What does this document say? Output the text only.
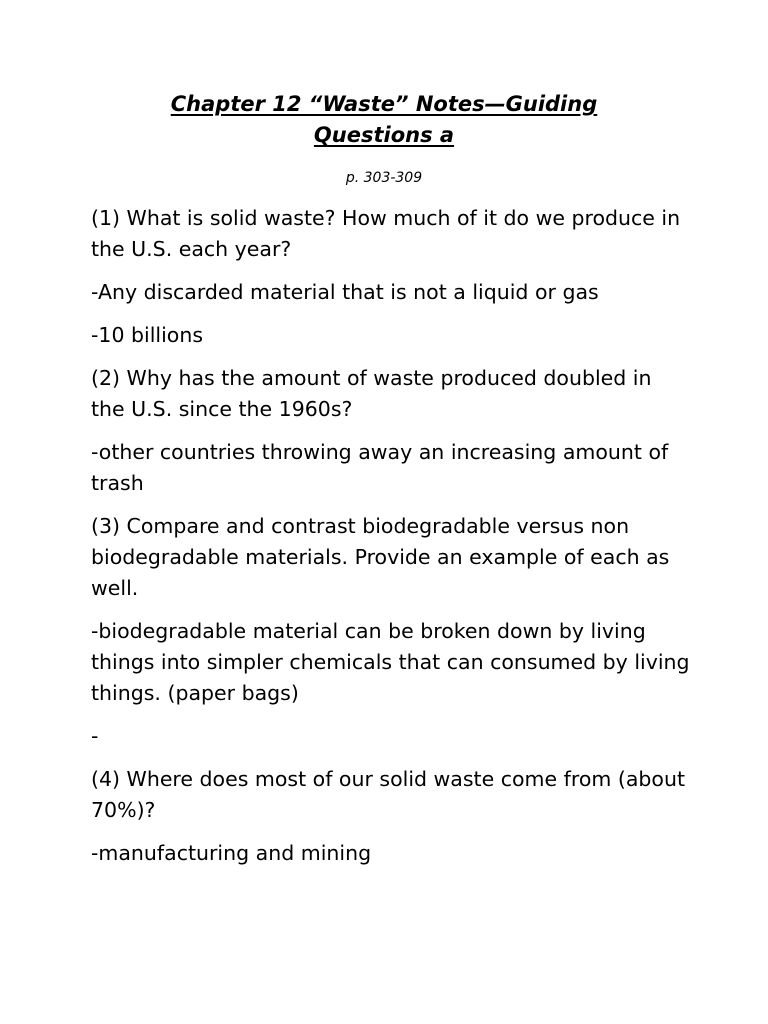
Chapter 12 “Waste” Notes—Guiding Questions a
p. 303-309

(1) What is solid waste? How much of it do we produce in the U.S. each year?

-Any discarded material that is not a liquid or gas

-10 billions

(2) Why has the amount of waste produced doubled in the U.S. since the 1960s?

-other countries throwing away an increasing amount of trash

(3) Compare and contrast biodegradable versus non biodegradable materials. Provide an example of each as well.

-biodegradable material can be broken down by living things into simpler chemicals that can consumed by living things. (paper bags)

-

(4) Where does most of our solid waste come from (about 70%)?

-manufacturing and mining
